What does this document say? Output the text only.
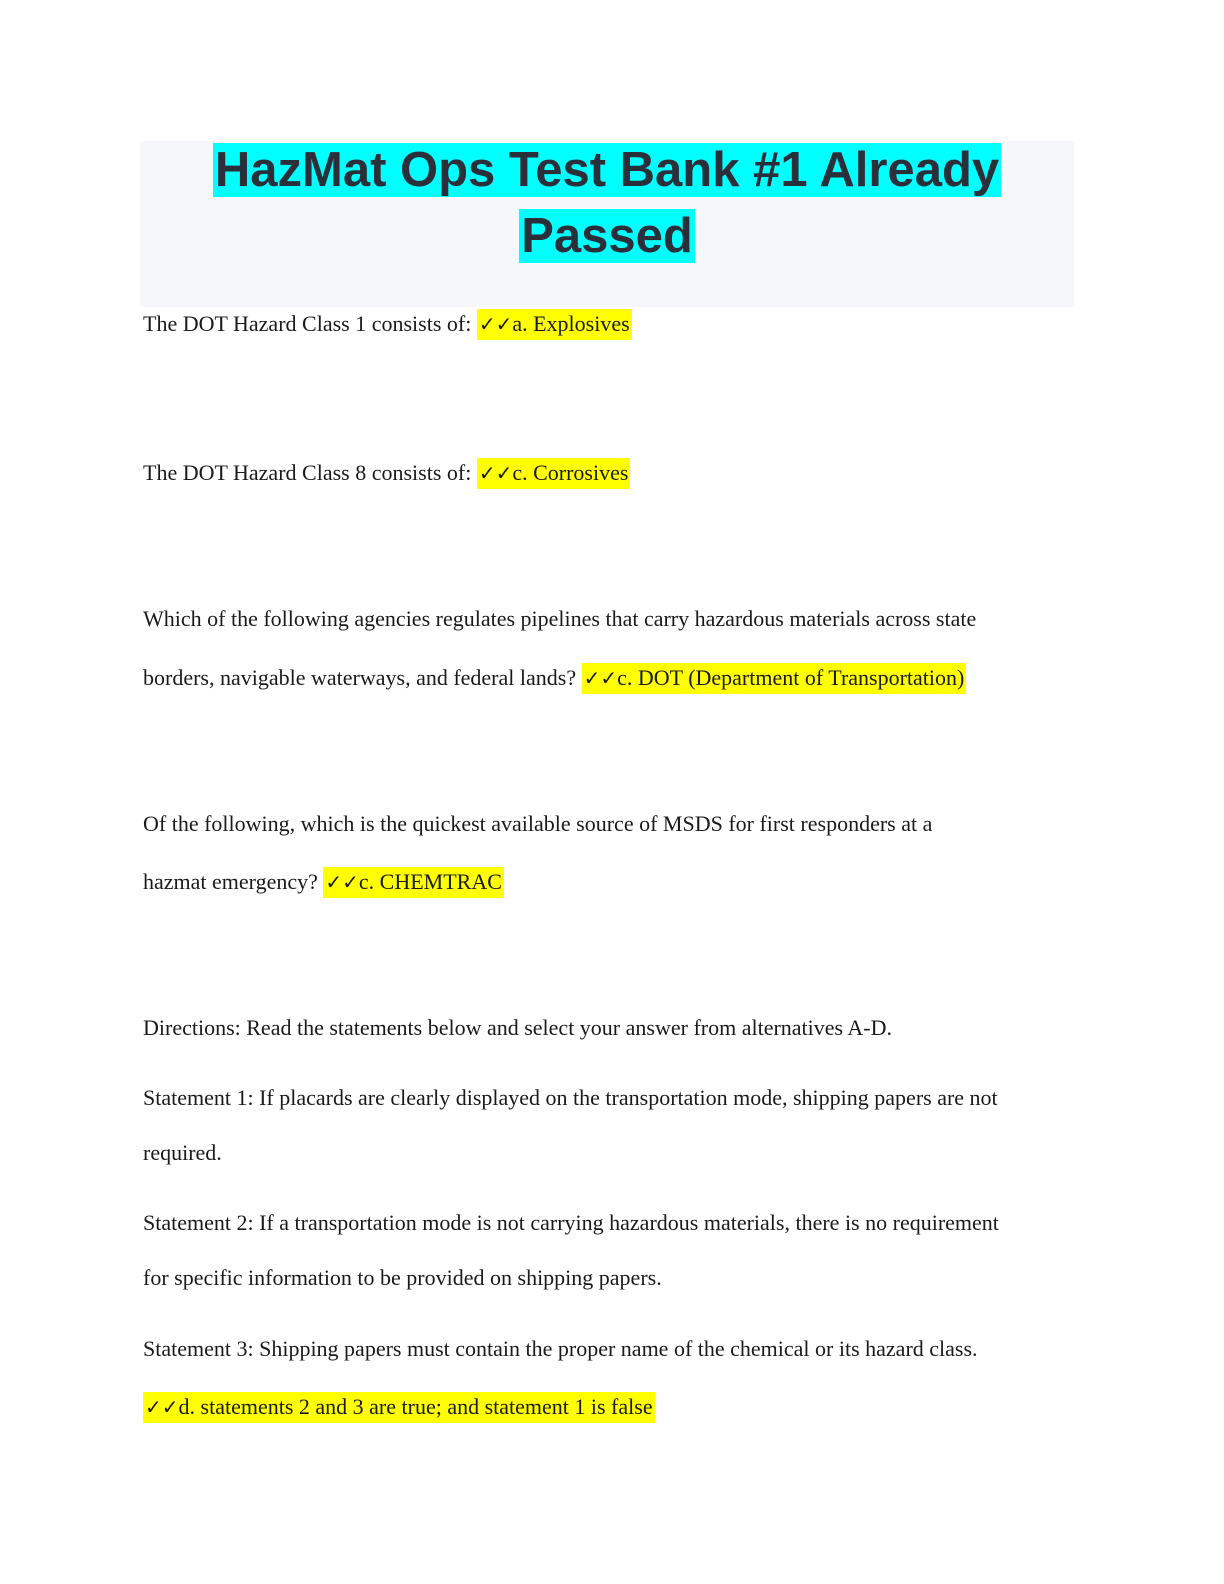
HazMat Ops Test Bank #1 Already
Passed
The DOT Hazard Class 1 consists of: ✓✓a. Explosives
The DOT Hazard Class 8 consists of: ✓✓c. Corrosives
Which of the following agencies regulates pipelines that carry hazardous materials across state
borders, navigable waterways, and federal lands? ✓✓c. DOT (Department of Transportation)
Of the following, which is the quickest available source of MSDS for first responders at a
hazmat emergency? ✓✓c. CHEMTRAC
Directions: Read the statements below and select your answer from alternatives A-D.
Statement 1: If placards are clearly displayed on the transportation mode, shipping papers are not
required.
Statement 2: If a transportation mode is not carrying hazardous materials, there is no requirement
for specific information to be provided on shipping papers.
Statement 3: Shipping papers must contain the proper name of the chemical or its hazard class.
✓✓d. statements 2 and 3 are true; and statement 1 is false
